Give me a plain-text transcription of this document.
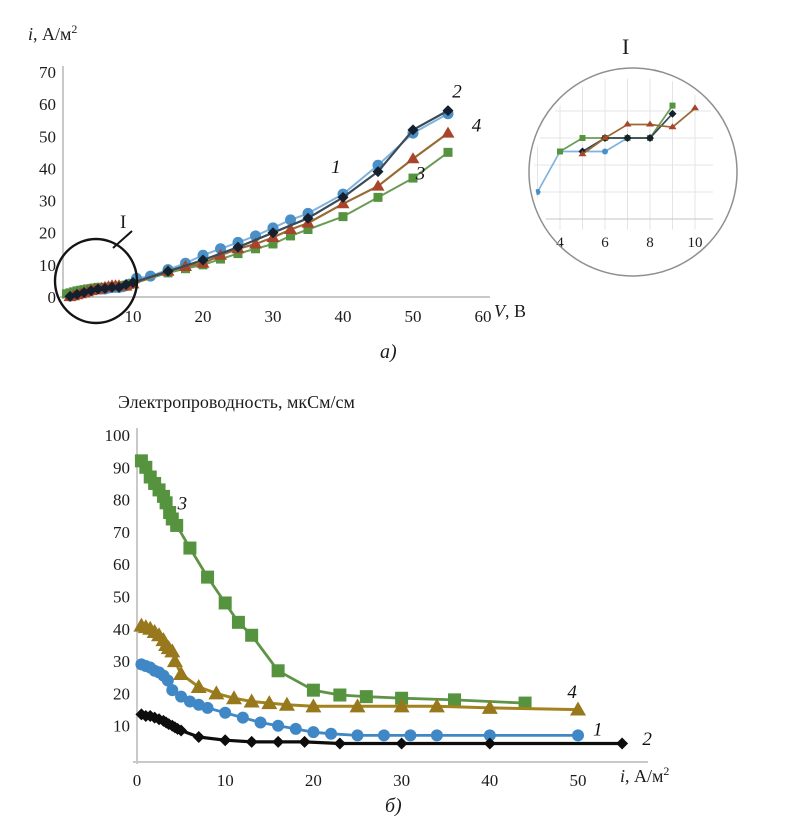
10	20	30	40	50	60
0
10
20
30
40
50
60
70
1
2
4
3
4	6	8 10
0	10	20	30	40	50
10
20
30
40
50
60
70
80
90
100
3
4
1 2
i, $А/м^2$
V, В
I
I
а)
Электропроводность, мкСм/см
i, $А/м^2$
б)
